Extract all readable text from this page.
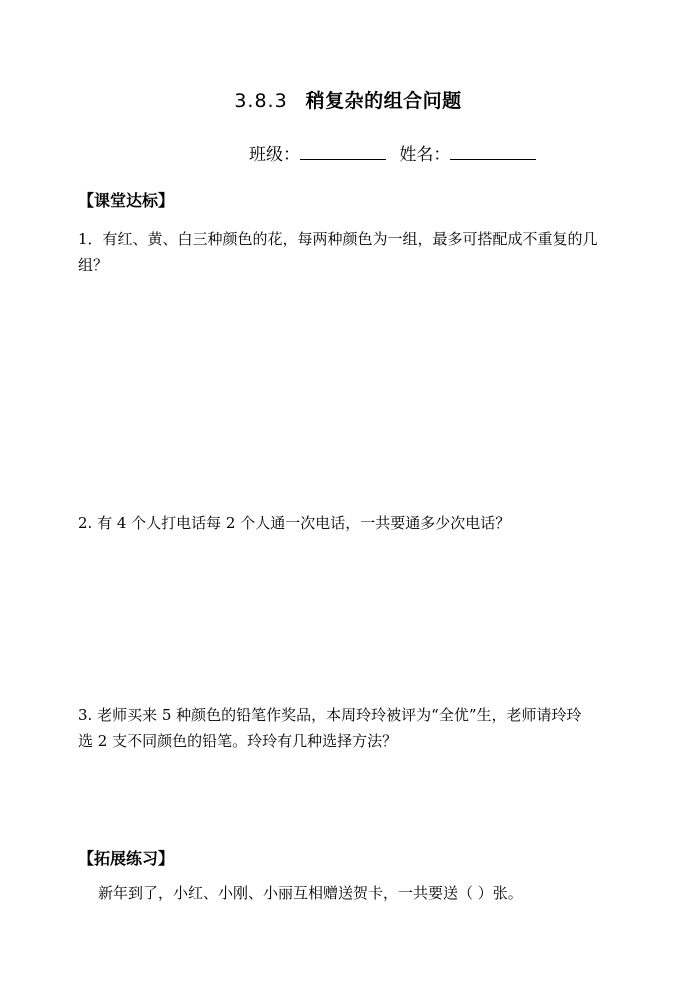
3.8.3 稍复杂的组合问题
班级：	姓名：
【课堂达标】
1．有红、黄、白三种颜色的花，每两种颜色为一组，最多可搭配成不重复的几
组？
2. 有 4 个人打电话每 2 个人通一次电话，一共要通多少次电话？
3. 老师买来 5 种颜色的铅笔作奖品，本周玲玲被评为“全优”生，老师请玲玲
选 2 支不同颜色的铅笔。玲玲有几种选择方法？
【拓展练习】
新年到了，小红、小刚、小丽互相赠送贺卡，一共要送（ ）张。
